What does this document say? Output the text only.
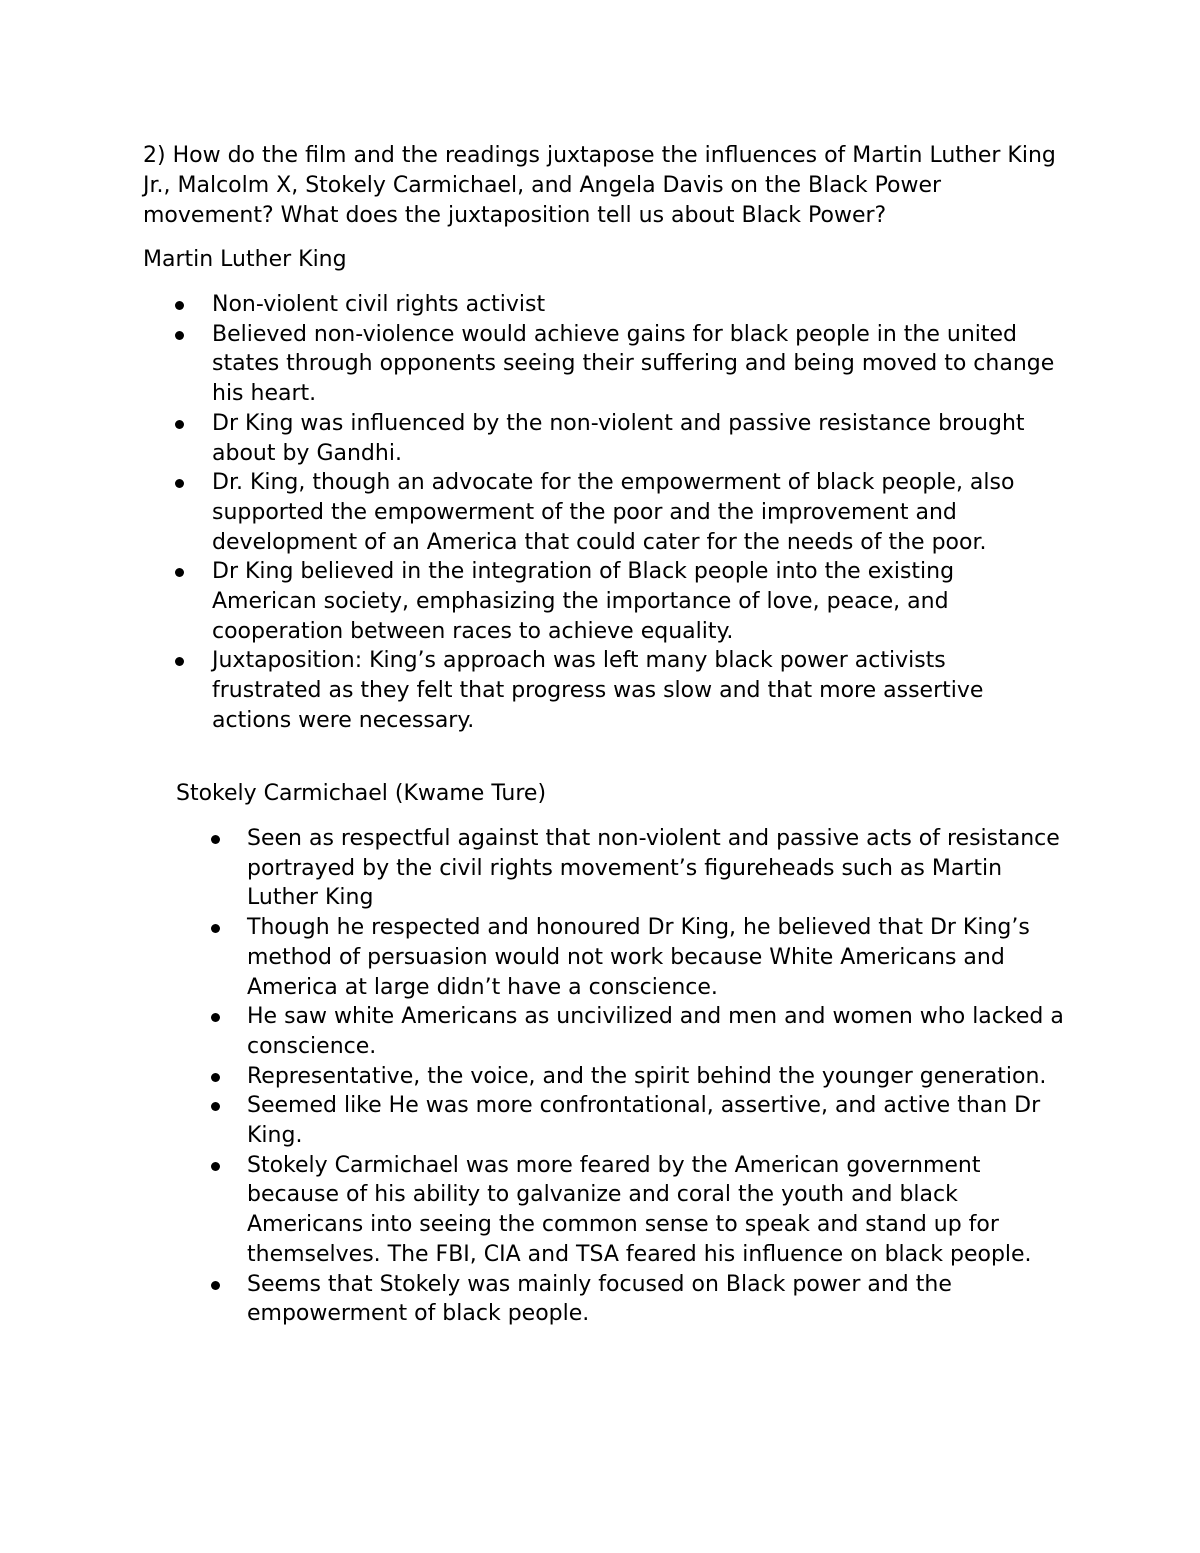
2) How do the film and the readings juxtapose the influences of Martin Luther King Jr., Malcolm X, Stokely Carmichael, and Angela Davis on the Black Power movement? What does the juxtaposition tell us about Black Power?

Martin Luther King

Non-violent civil rights activist
Believed non-violence would achieve gains for black people in the united states through opponents seeing their suffering and being moved to change his heart.
Dr King was influenced by the non-violent and passive resistance brought about by Gandhi.
Dr. King, though an advocate for the empowerment of black people, also supported the empowerment of the poor and the improvement and development of an America that could cater for the needs of the poor.
Dr King believed in the integration of Black people into the existing American society, emphasizing the importance of love, peace, and cooperation between races to achieve equality.
Juxtaposition: King’s approach was left many black power activists frustrated as they felt that progress was slow and that more assertive actions were necessary.

Stokely Carmichael (Kwame Ture)

Seen as respectful against that non-violent and passive acts of resistance portrayed by the civil rights movement’s figureheads such as Martin Luther King
Though he respected and honoured Dr King, he believed that Dr King’s method of persuasion would not work because White Americans and America at large didn’t have a conscience.
He saw white Americans as uncivilized and men and women who lacked a conscience.
Representative, the voice, and the spirit behind the younger generation.
Seemed like He was more confrontational, assertive, and active than Dr King.
Stokely Carmichael was more feared by the American government because of his ability to galvanize and coral the youth and black Americans into seeing the common sense to speak and stand up for themselves. The FBI, CIA and TSA feared his influence on black people.
Seems that Stokely was mainly focused on Black power and the empowerment of black people.
